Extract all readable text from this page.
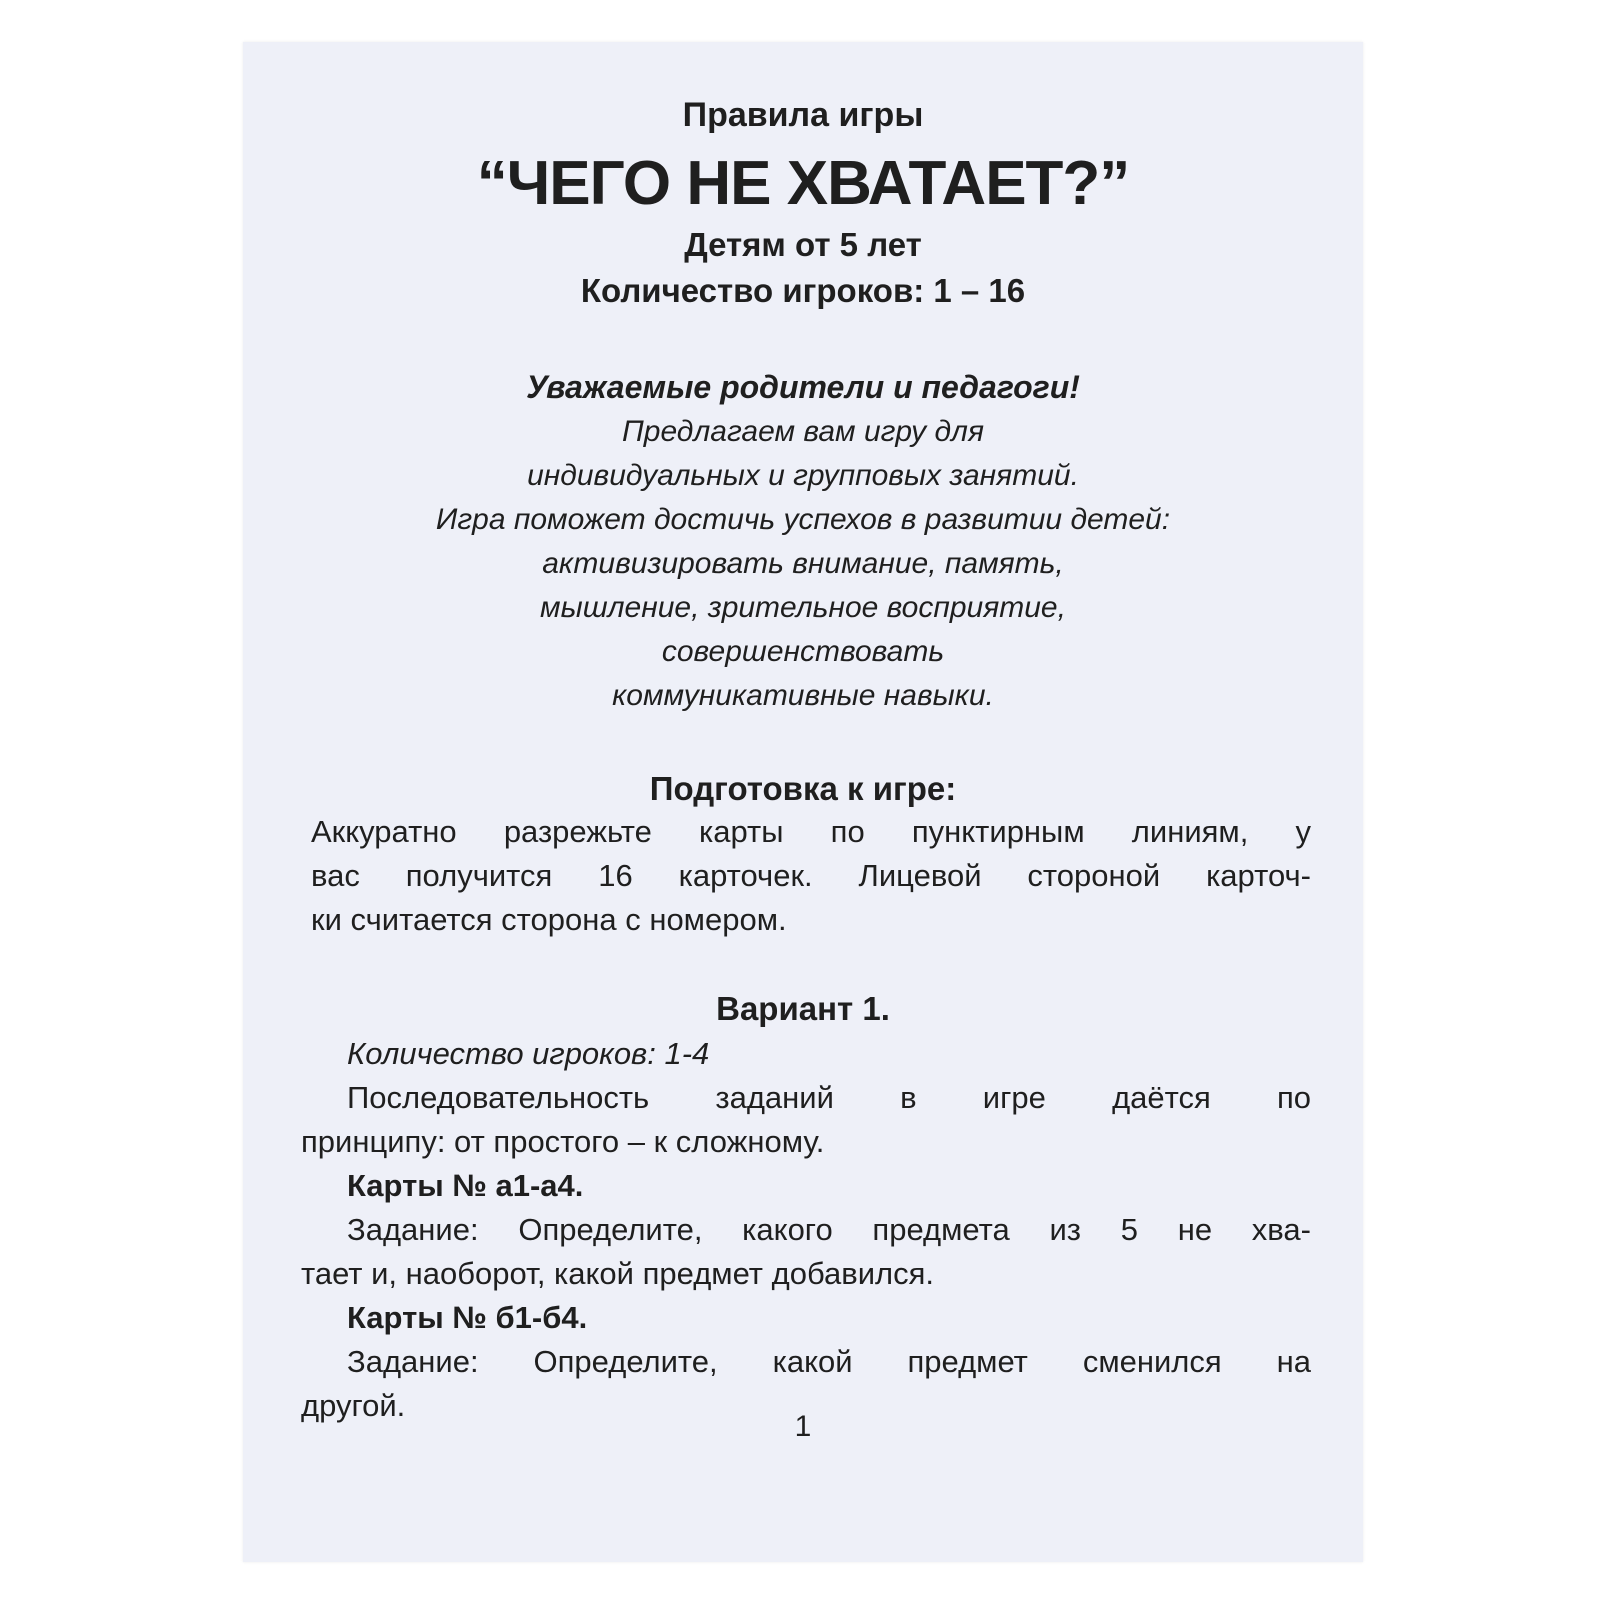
Правила игры
“ЧЕГО НЕ ХВАТАЕТ?”
Детям от 5 лет
Количество игроков: 1 – 16
Уважаемые родители и педагоги!
Предлагаем вам игру для
индивидуальных и групповых занятий.
Игра поможет достичь успехов в развитии детей:
активизировать внимание, память,
мышление, зрительное восприятие,
совершенствовать
коммуникативные навыки.
Подготовка к игре:
Аккуратно разрежьте карты по пунктирным линиям, у
вас получится 16 карточек. Лицевой стороной карточ-
ки считается сторона с номером.
Вариант 1.
Количество игроков: 1-4
Последовательность заданий в игре даётся по
принципу: от простого – к сложному.
Карты № а1-а4.
Задание: Определите, какого предмета из 5 не хва-
тает и, наоборот, какой предмет добавился.
Карты № б1-б4.
Задание: Определите, какой предмет сменился на
другой.
1
